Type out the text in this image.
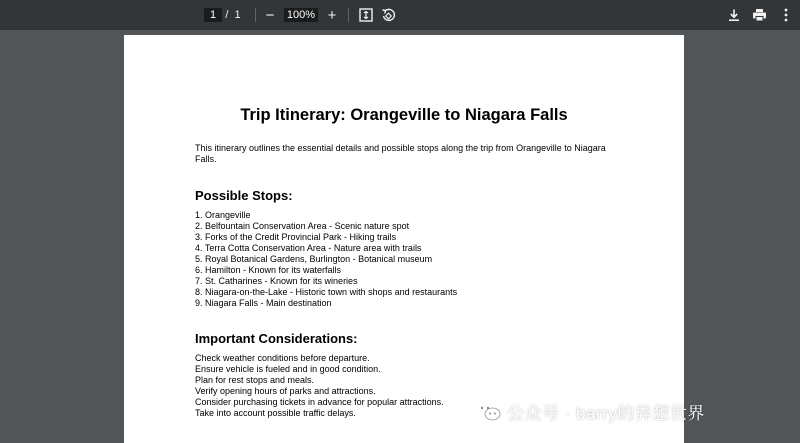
1
/ 1 −
100%	+
Trip Itinerary: Orangeville to Niagara Falls
This itinerary outlines the essential details and possible stops along the trip from Orangeville to Niagara Falls.
Possible Stops:
1. Orangeville
2. Belfountain Conservation Area - Scenic nature spot
3. Forks of the Credit Provincial Park - Hiking trails
4. Terra Cotta Conservation Area - Nature area with trails
5. Royal Botanical Gardens, Burlington - Botanical museum
6. Hamilton - Known for its waterfalls
7. St. Catharines - Known for its wineries
8. Niagara-on-the-Lake - Historic town with shops and restaurants
9. Niagara Falls - Main destination
Important Considerations:
Check weather conditions before departure.
Ensure vehicle is fueled and in good condition.
Plan for rest stops and meals.
Verify opening hours of parks and attractions.
Consider purchasing tickets in advance for popular attractions.
Take into account possible traffic delays.	公众号 · barry的异想世界
